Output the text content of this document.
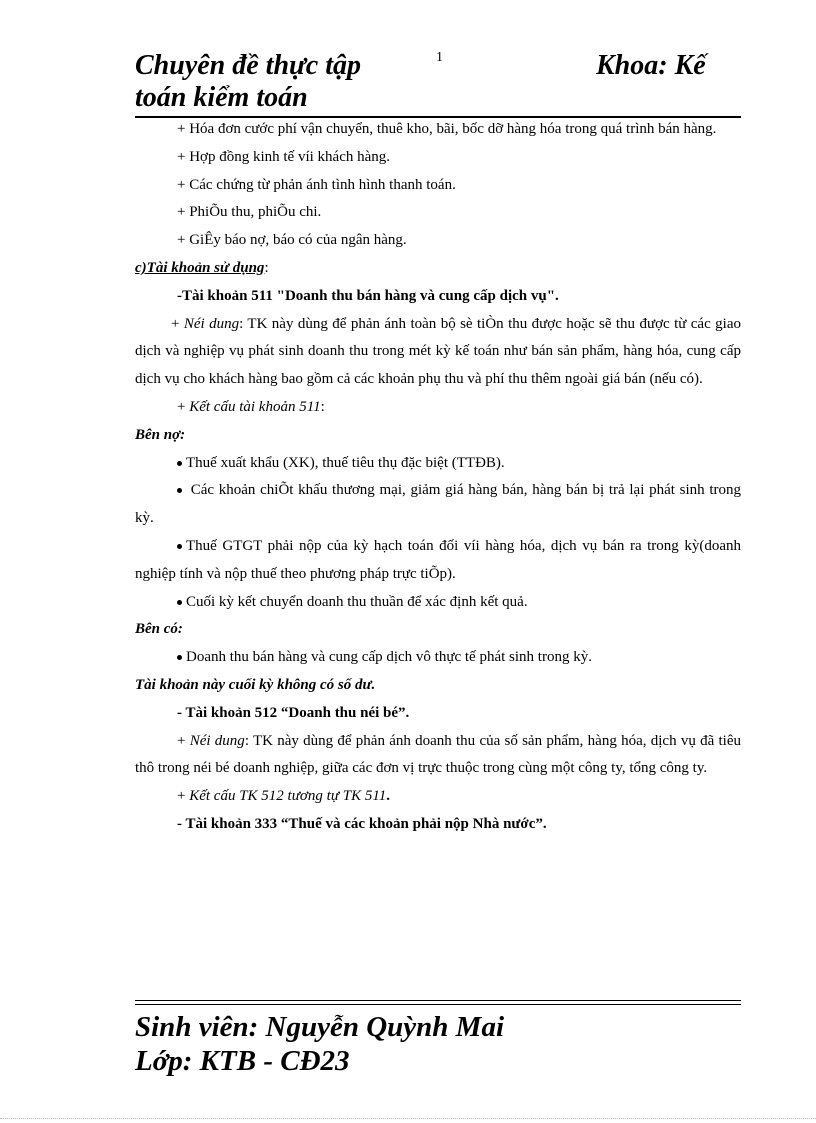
1
Chuyên đề thực tập
toán kiểm toán
Khoa: Kế

+ Hóa đơn cước phí vận chuyển, thuê kho, bãi, bốc dỡ hàng hóa trong quá trình bán hàng.

+ Hợp đồng kinh tế víi khách hàng.

+ Các chứng từ phản ánh tình hình thanh toán.

+ PhiÕu thu, phiÕu chi.

+ GiÊy báo nợ, báo có của ngân hàng.

c)Tài khoản sử dụng:

-Tài khoản 511 "Doanh thu bán hàng và cung cấp dịch vụ".

+ Néi dung: TK này dùng để phản ánh toàn bộ sè tiÒn thu được hoặc sẽ thu được từ các giao dịch và nghiệp vụ phát sinh doanh thu trong mét kỳ kế toán như bán sản phẩm, hàng hóa, cung cấp dịch vụ cho khách hàng bao gồm cả các khoản phụ thu và phí thu thêm ngoài giá bán (nếu có).

+ Kết cấu tài khoản 511:

Bên nợ:

Thuế xuất khẩu (XK), thuế tiêu thụ đặc biệt (TTĐB).

Các khoản chiÕt khấu thương mại, giảm giá hàng bán, hàng bán bị trả lại phát sinh trong kỳ.

Thuế GTGT phải nộp của kỳ hạch toán đối víi hàng hóa, dịch vụ bán ra trong kỳ(doanh nghiệp tính và nộp thuế theo phương pháp trực tiÕp).

Cuối kỳ kết chuyển doanh thu thuần để xác định kết quả.

Bên có:

Doanh thu bán hàng và cung cấp dịch vô thực tế phát sinh trong kỳ.

Tài khoản này cuối kỳ không có số dư.

- Tài khoản 512 “Doanh thu néi bé”.

+ Néi dung: TK này dùng để phản ánh doanh thu của số sản phẩm, hàng hóa, dịch vụ đã tiêu thô trong néi bé doanh nghiệp, giữa các đơn vị trực thuộc trong cùng một công ty, tổng công ty.

+ Kết cấu TK 512 tương tự TK 511.

- Tài khoản 333 “Thuế và các khoản phải nộp Nhà nước”.

Sinh viên: Nguyễn Quỳnh Mai
Lớp: KTB - CĐ23
